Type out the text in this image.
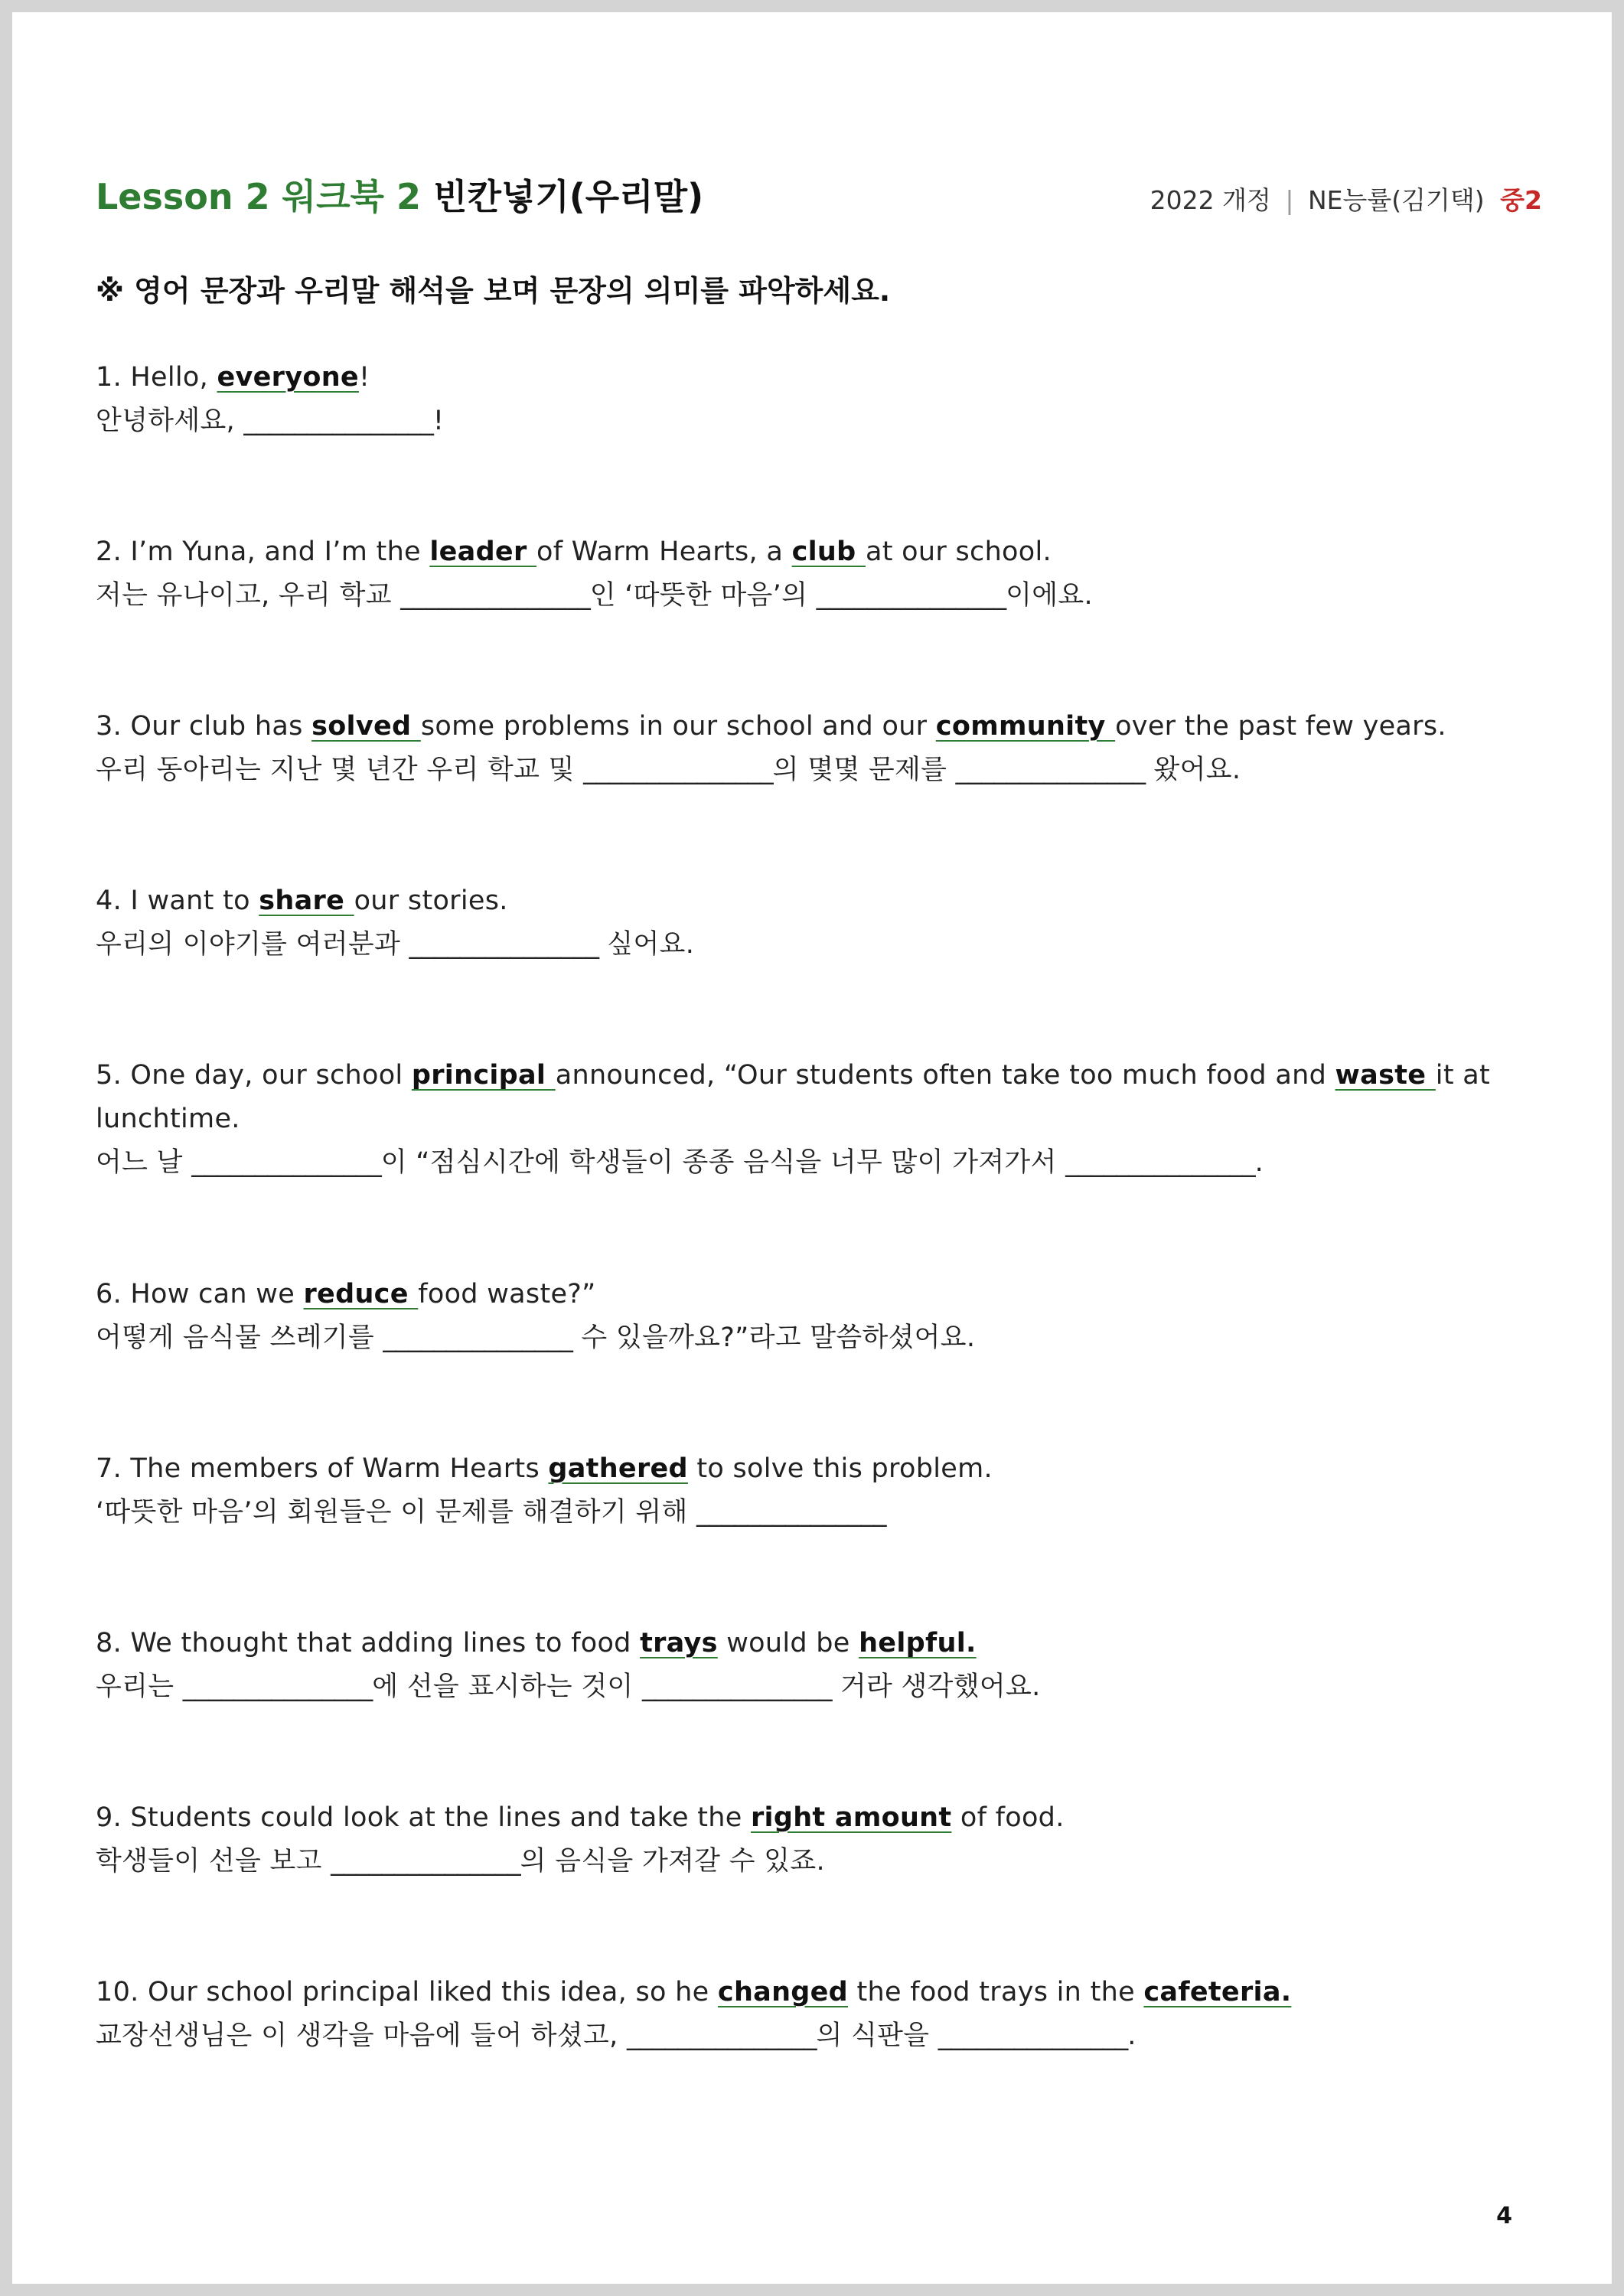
Lesson 2 워크북 2 빈칸넣기(우리말)	2022 개정 | NE능률(김기택) 중2
※ 영어 문장과 우리말 해석을 보며 문장의 의미를 파악하세요.
1. Hello, everyone!
안녕하세요, _______________!
2. I’m Yuna, and I’m the leader of Warm Hearts, a club at our school.
저는 유나이고, 우리 학교 _______________인 ‘따뜻한 마음’의 _______________이에요.
3. Our club has solved some problems in our school and our community over the past few years.
우리 동아리는 지난 몇 년간 우리 학교 및 _______________의 몇몇 문제를 _______________ 왔어요.
4. I want to share our stories.
우리의 이야기를 여러분과 _______________ 싶어요.
5. One day, our school principal announced, “Our students often take too much food and waste it at
lunchtime.
어느 날 _______________이 “점심시간에 학생들이 종종 음식을 너무 많이 가져가서 _______________.
6. How can we reduce food waste?”
어떻게 음식물 쓰레기를 _______________ 수 있을까요?”라고 말씀하셨어요.
7. The members of Warm Hearts gathered to solve this problem.
‘따뜻한 마음’의 회원들은 이 문제를 해결하기 위해 _______________
8. We thought that adding lines to food trays would be helpful.
우리는 _______________에 선을 표시하는 것이 _______________ 거라 생각했어요.
9. Students could look at the lines and take the right amount of food.
학생들이 선을 보고 _______________의 음식을 가져갈 수 있죠.
10. Our school principal liked this idea, so he changed the food trays in the cafeteria.
교장선생님은 이 생각을 마음에 들어 하셨고, _______________의 식판을 _______________.
4
